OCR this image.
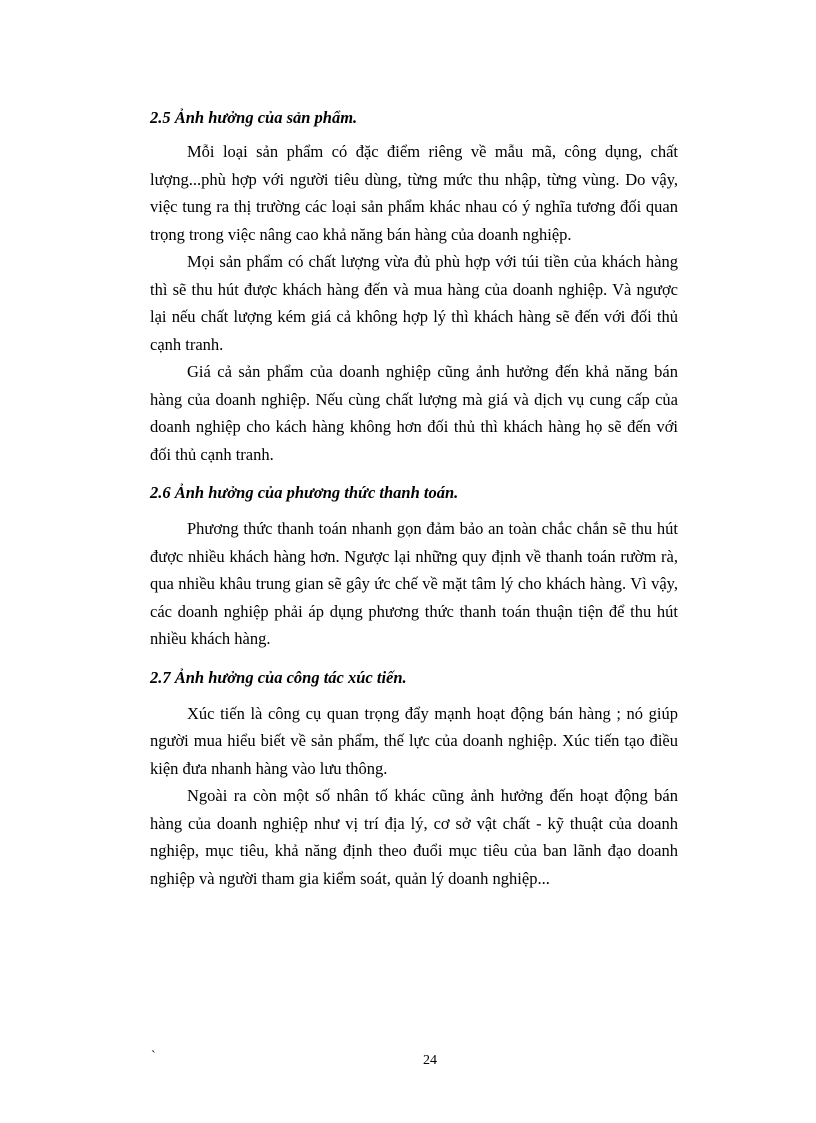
2.5 Ảnh hưởng của sản phẩm.

Mỗi loại sản phẩm có đặc điểm riêng về mẫu mã, công dụng, chất lượng...phù hợp với người tiêu dùng, từng mức thu nhập, từng vùng. Do vậy, việc tung ra thị trường các loại sản phẩm khác nhau có ý nghĩa tương đối quan trọng trong việc nâng cao khả năng bán hàng của doanh nghiệp.

Mọi sản phẩm có chất lượng vừa đủ phù hợp với túi tiền của khách hàng thì sẽ thu hút được khách hàng đến và mua hàng của doanh nghiệp. Và ngược lại nếu chất lượng kém giá cả không hợp lý thì khách hàng sẽ đến với đối thủ cạnh tranh.

Giá cả sản phẩm của doanh nghiệp cũng ảnh hưởng đến khả năng bán hàng của doanh nghiệp. Nếu cùng chất lượng mà giá và dịch vụ cung cấp của doanh nghiệp cho kách hàng không hơn đối thủ thì khách hàng họ sẽ đến với đối thủ cạnh tranh.

2.6 Ảnh hưởng của phương thức thanh toán.

Phương thức thanh toán nhanh gọn đảm bảo an toàn chắc chắn sẽ thu hút được nhiều khách hàng hơn. Ngược lại những quy định về thanh toán rườm rà, qua nhiều khâu trung gian sẽ gây ức chế về mặt tâm lý cho khách hàng. Vì vậy, các doanh nghiệp phải áp dụng phương thức thanh toán thuận tiện để thu hút nhiều khách hàng.

2.7 Ảnh hưởng của công tác xúc tiến.

Xúc tiến là công cụ quan trọng đẩy mạnh hoạt động bán hàng ; nó giúp người mua hiểu biết về sản phẩm, thế lực của doanh nghiệp. Xúc tiến tạo điều kiện đưa nhanh hàng vào lưu thông.

Ngoài ra còn một số nhân tố khác cũng ảnh hưởng đến hoạt động bán hàng của doanh nghiệp như vị trí địa lý, cơ sở vật chất - kỹ thuật của doanh nghiệp, mục tiêu, khả năng định theo đuổi mục tiêu của ban lãnh đạo doanh nghiệp và người tham gia kiểm soát, quản lý doanh nghiệp...

`	24
